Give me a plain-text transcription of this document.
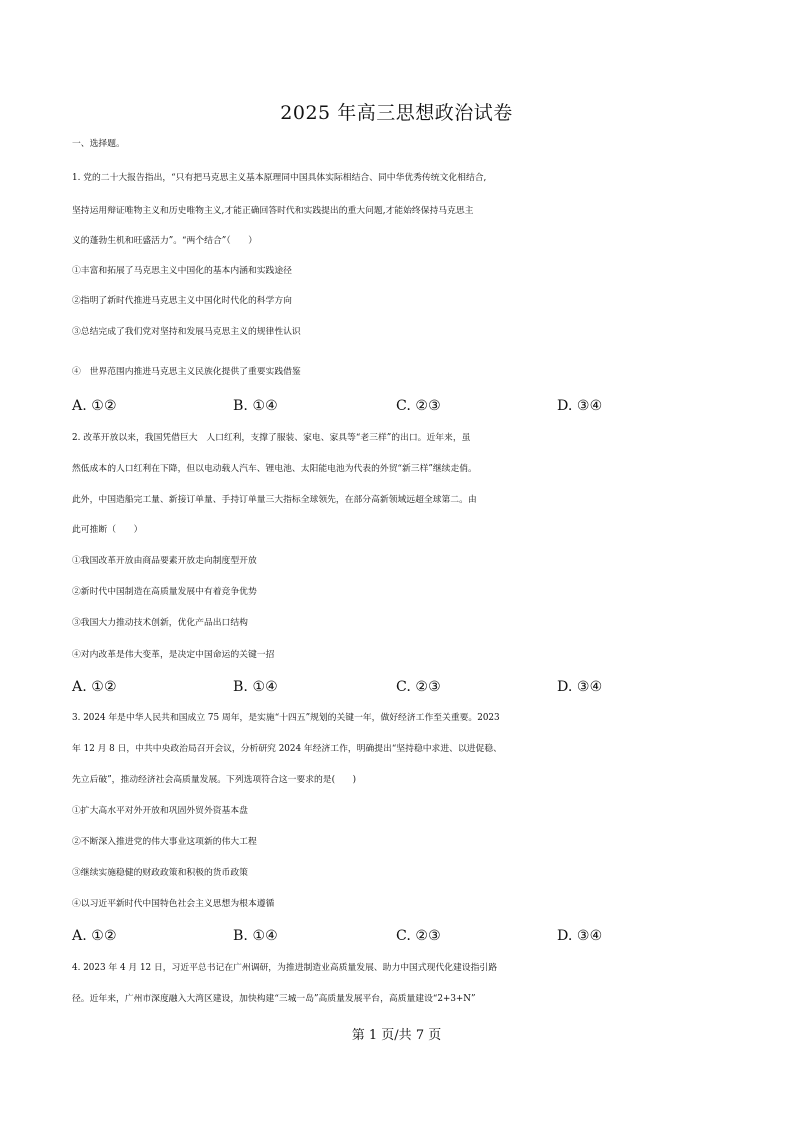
2025 年高三思想政治试卷
一、选择题。
1. 党的二十大报告指出，“只有把马克思主义基本原理同中国具体实际相结合、同中华优秀传统文化相结合,
坚持运用辩证唯物主义和历史唯物主义,才能正确回答时代和实践提出的重大问题,才能始终保持马克思主
义的蓬勃生机和旺盛活力”。“两个结合”（　　）
①丰富和拓展了马克思主义中国化的基本内涵和实践途径
②指明了新时代推进马克思主义中国化时代化的科学方向
③总结完成了我们党对坚持和发展马克思主义的规律性认识
④　世界范围内推进马克思主义民族化提供了重要实践借鉴
A. ①②	B. ①④	C. ②③	D. ③④
2. 改革开放以来，我国凭借巨大　人口红利，支撑了服装、家电、家具等“老三样”的出口。近年来，虽
然低成本的人口红利在下降，但以电动载人汽车、锂电池、太阳能电池为代表的外贸“新三样”继续走俏。
此外，中国造船完工量、新接订单量、手持订单量三大指标全球领先，在部分高新领域远超全球第二。由
此可推断（　　）
①我国改革开放由商品要素开放走向制度型开放
②新时代中国制造在高质量发展中有着竞争优势
③我国大力推动技术创新，优化产品出口结构
④对内改革是伟大变革，是决定中国命运的关键一招
A. ①②	B. ①④	C. ②③	D. ③④
3. 2024 年是中华人民共和国成立 75 周年，是实施“十四五”规划的关键一年，做好经济工作至关重要。2023
年 12 月 8 日，中共中央政治局召开会议，分析研究 2024 年经济工作，明确提出“坚持稳中求进、以进促稳、
先立后破”，推动经济社会高质量发展。下列选项符合这一要求的是(　　)
①扩大高水平对外开放和巩固外贸外资基本盘
②不断深入推进党的伟大事业这项新的伟大工程
③继续实施稳健的财政政策和积极的货币政策
④以习近平新时代中国特色社会主义思想为根本遵循
A. ①②	B. ①④	C. ②③	D. ③④
4. 2023 年 4 月 12 日，习近平总书记在广州调研，为推进制造业高质量发展、助力中国式现代化建设指引路
径。近年来，广州市深度融入大湾区建设，加快构建“三城一岛”高质量发展平台，高质量建设“2+3+N”
第 1 页/共 7 页
